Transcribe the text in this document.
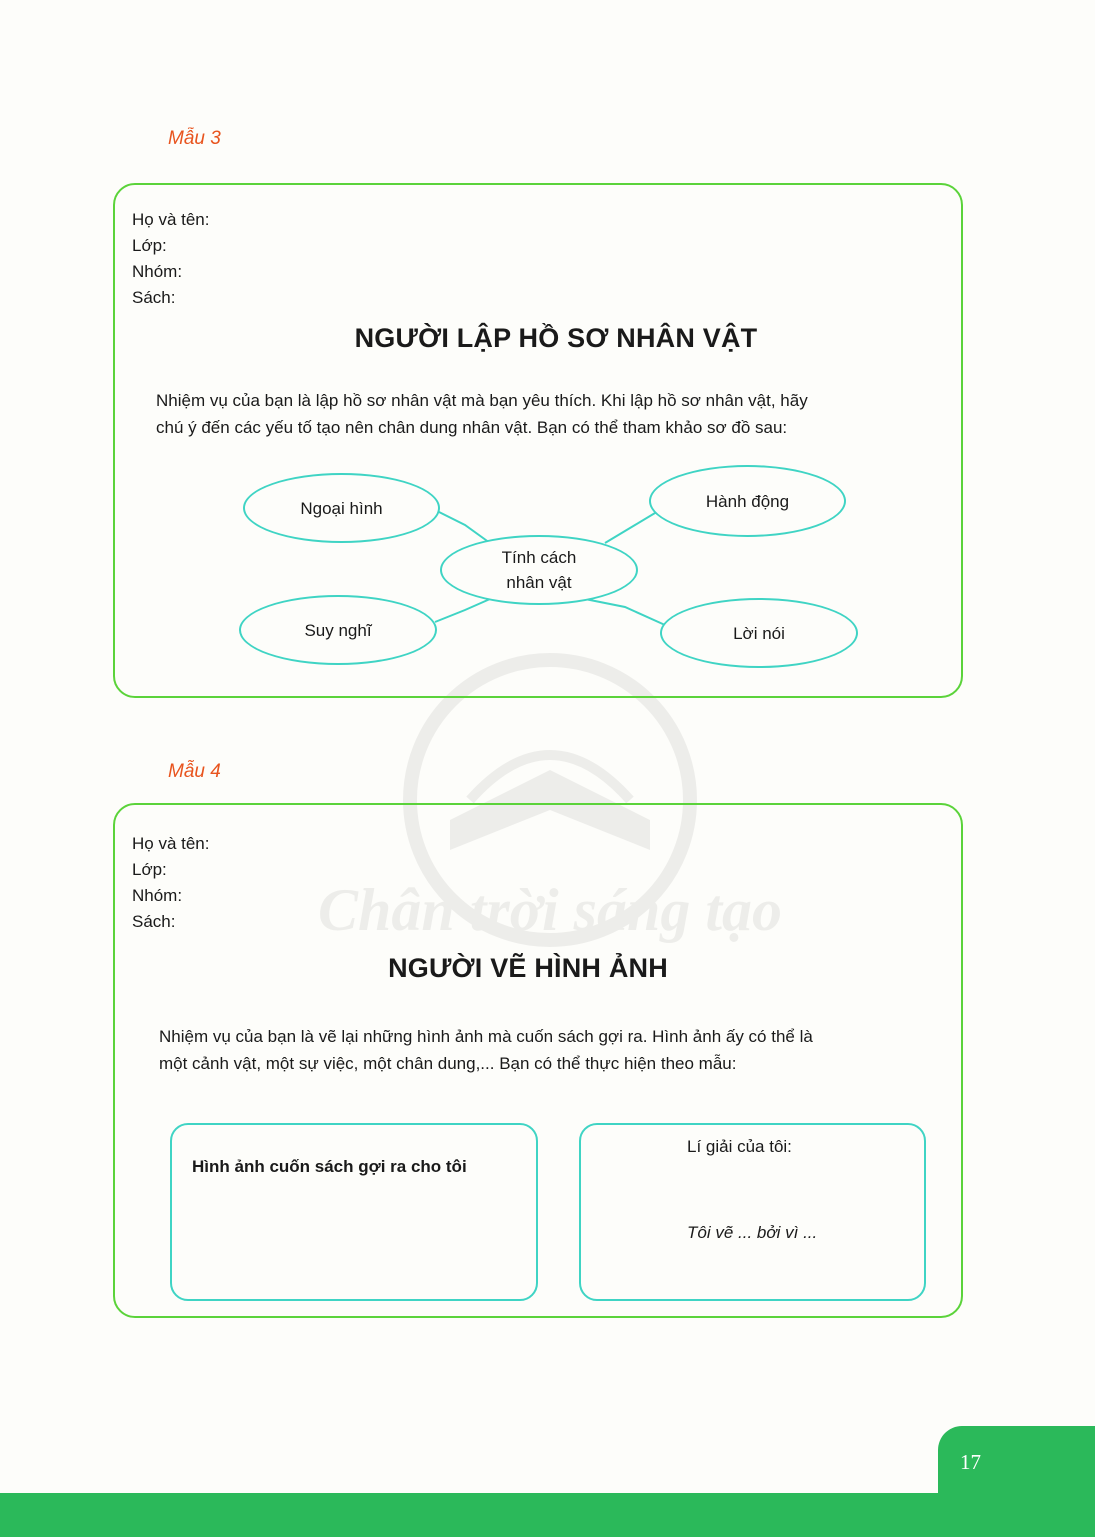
Chân trời sáng tạo
Mẫu 3
Họ và tên:
Lớp:
Nhóm:
Sách:
NGƯỜI LẬP HỒ SƠ NHÂN VẬT
Nhiệm vụ của bạn là lập hồ sơ nhân vật mà bạn yêu thích. Khi lập hồ sơ nhân vật, hãy
chú ý đến các yếu tố tạo nên chân dung nhân vật. Bạn có thể tham khảo sơ đồ sau:
Ngoại hình	Hành động
Tính cách
nhân vật
Suy nghĩ	Lời nói
Mẫu 4
Họ và tên:
Lớp:
Nhóm:
Sách:
NGƯỜI VẼ HÌNH ẢNH
Nhiệm vụ của bạn là vẽ lại những hình ảnh mà cuốn sách gợi ra. Hình ảnh ấy có thể là
một cảnh vật, một sự việc, một chân dung,... Bạn có thể thực hiện theo mẫu:
Hình ảnh cuốn sách gợi ra cho tôi
Lí giải của tôi:
Tôi vẽ ... bởi vì ...
17
